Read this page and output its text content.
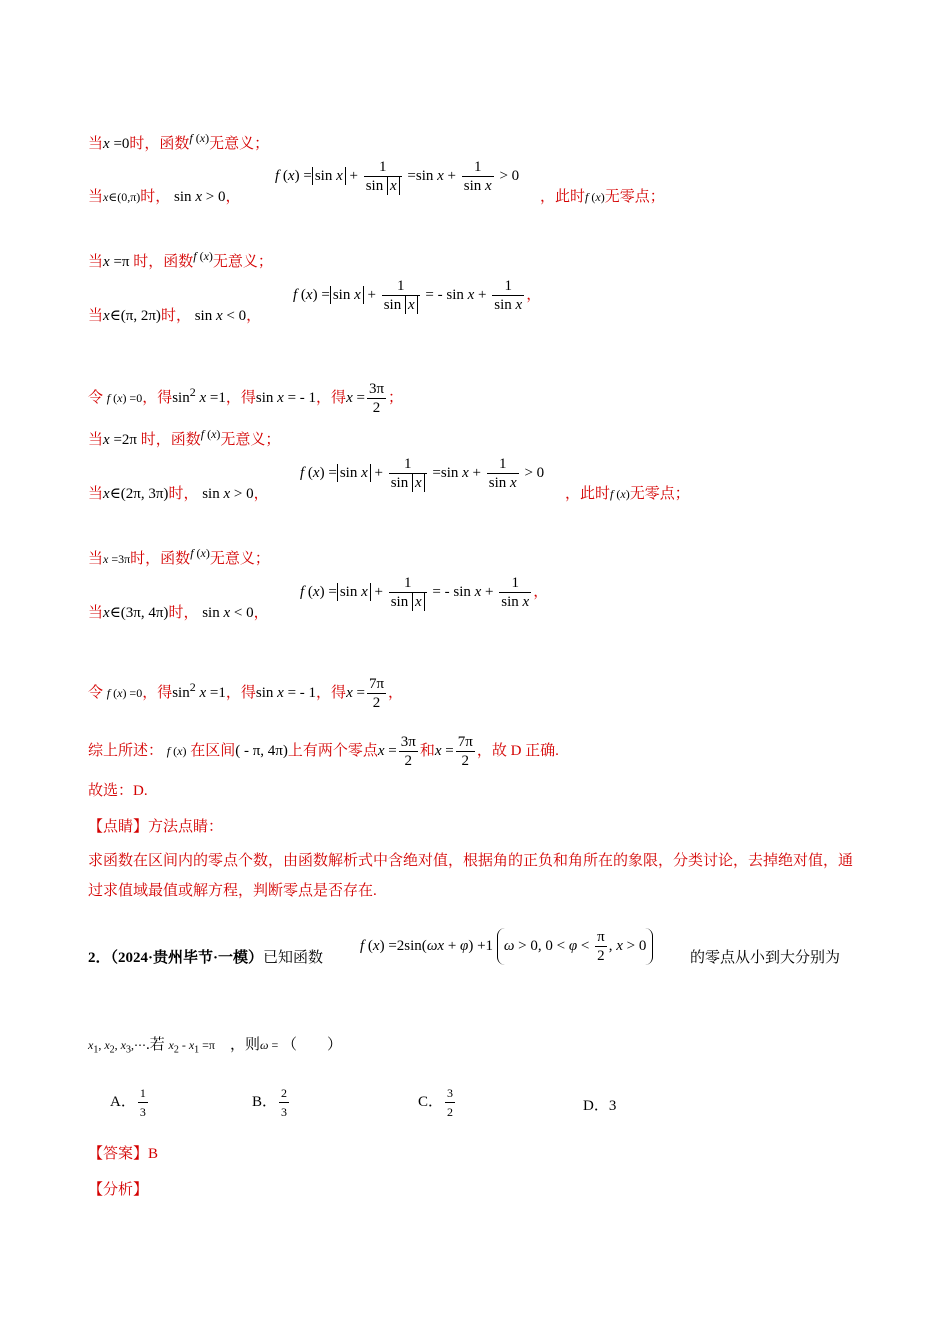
当x =0时，函数$^{f (x)}$无意义；
当x∈(0,π)时， sin x > 0，
f $(x) = \sin x + \frac{1}{\text{sin x}} =\sin$ $x + \frac{1}{\text{sin x}} > 0$
，此时f (x)无零点；
当x =π 时，函数$^{f (x)}$无意义；
当x∈(π, 2π)时， sin x < 0，
f $(x) = \sin x + \frac{1}{\text{sin x}}$ = - $\sin x + \frac{1}{\text{sin x}}$ ，
令 f (x) =0，得$\sin^2 x =1$，得sin x = - 1，得$x = \frac{3\pi}{2}$ ；
当x =2π 时，函数$^{f (x)}$无意义；
当x∈(2π, 3π)时， sin x > 0，
f $(x) = \sin x + \frac{1}{\text{sin x}} =\sin$ $x + \frac{1}{\text{sin x}} > 0$
，此时f (x)无零点；
当x =3π时，函数$^{f (x)}$无意义；
当x∈(3π, 4π)时， sin x < 0，
f $(x) = \sin x + \frac{1}{\text{sin x}}$ = - $\sin x + \frac{1}{\text{sin x}}$ ，
令 f (x) =0，得$\sin^2 x =1$，得sin x = - 1，得$x = \frac{7\pi}{2}$ ，
综上所述： f (x) 在区间( - π, 4π)上有两个零点$x = \frac{3\pi}{2}$ 和$x = \frac{7\pi}{2}$ ，故 D 正确.
故选：D.
【点睛】方法点睛：
求函数在区间内的零点个数，由函数解析式中含绝对值，根据角的正负和角所在的象限，分类讨论，去掉绝对值，通过求值域最值或解方程，判断零点是否存在.
2．（2024·贵州毕节·一模）已知函数
f (x) =2sin(ωx + φ) +1 ω > 0, $0 < \varphi < \frac{\pi}{2}$ , x > 0
的零点从小到大分别为
$x_1$, $x_2$, $x_3,\cdots$.若 $x_2 - x_1 =\pi$　 ，则ω = （　　）
A． $\frac{1}{3}$	B． $\frac{2}{3}$	C． $\frac{3}{2}$	D．3
【答案】B
【分析】
